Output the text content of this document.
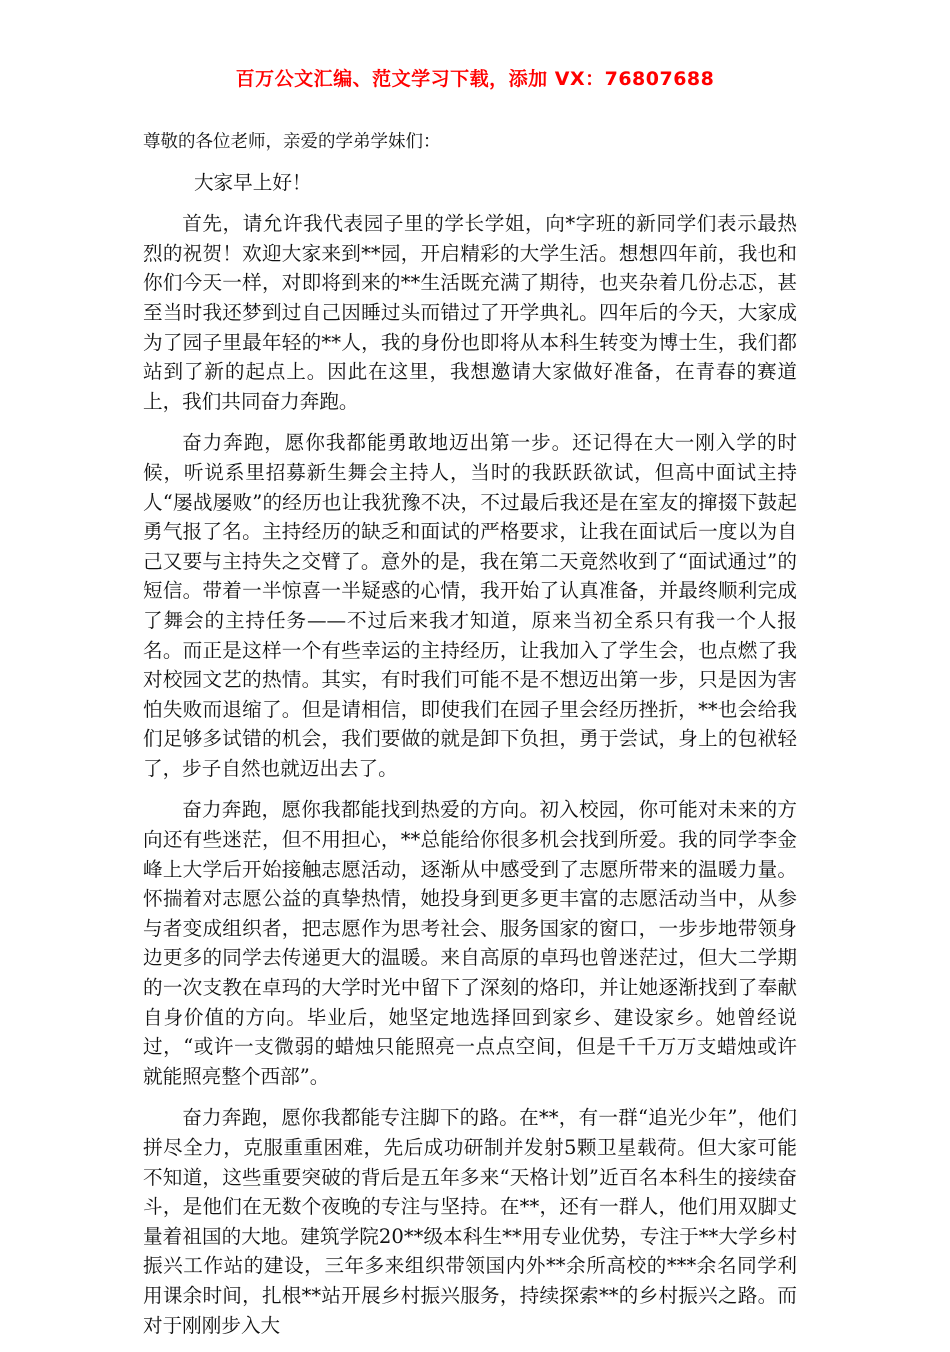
百万公文汇编、范文学习下载，添加 VX：76807688

尊敬的各位老师，亲爱的学弟学妹们：

大家早上好！

首先，请允许我代表园子里的学长学姐，向*字班的新同学们表示最热烈的祝贺！欢迎大家来到**园，开启精彩的大学生活。想想四年前，我也和你们今天一样，对即将到来的**生活既充满了期待，也夹杂着几份忐忑，甚至当时我还梦到过自己因睡过头而错过了开学典礼。四年后的今天，大家成为了园子里最年轻的**人，我的身份也即将从本科生转变为博士生，我们都站到了新的起点上。因此在这里，我想邀请大家做好准备，在青春的赛道上，我们共同奋力奔跑。

奋力奔跑，愿你我都能勇敢地迈出第一步。还记得在大一刚入学的时候，听说系里招募新生舞会主持人，当时的我跃跃欲试，但高中面试主持人“屡战屡败”的经历也让我犹豫不决，不过最后我还是在室友的撺掇下鼓起勇气报了名。主持经历的缺乏和面试的严格要求，让我在面试后一度以为自己又要与主持失之交臂了。意外的是，我在第二天竟然收到了“面试通过”的短信。带着一半惊喜一半疑惑的心情，我开始了认真准备，并最终顺利完成了舞会的主持任务——不过后来我才知道，原来当初全系只有我一个人报名。而正是这样一个有些幸运的主持经历，让我加入了学生会，也点燃了我对校园文艺的热情。其实，有时我们可能不是不想迈出第一步，只是因为害怕失败而退缩了。但是请相信，即使我们在园子里会经历挫折，**也会给我们足够多试错的机会，我们要做的就是卸下负担，勇于尝试，身上的包袱轻了，步子自然也就迈出去了。

奋力奔跑，愿你我都能找到热爱的方向。初入校园，你可能对未来的方向还有些迷茫，但不用担心，**总能给你很多机会找到所爱。我的同学李金峰上大学后开始接触志愿活动，逐渐从中感受到了志愿所带来的温暖力量。怀揣着对志愿公益的真挚热情，她投身到更多更丰富的志愿活动当中，从参与者变成组织者，把志愿作为思考社会、服务国家的窗口，一步步地带领身边更多的同学去传递更大的温暖。来自高原的卓玛也曾迷茫过，但大二学期的一次支教在卓玛的大学时光中留下了深刻的烙印，并让她逐渐找到了奉献自身价值的方向。毕业后，她坚定地选择回到家乡、建设家乡。她曾经说过，“或许一支微弱的蜡烛只能照亮一点点空间，但是千千万万支蜡烛或许就能照亮整个西部”。

奋力奔跑，愿你我都能专注脚下的路。在**，有一群“追光少年”，他们拼尽全力，克服重重困难，先后成功研制并发射5颗卫星载荷。但大家可能不知道，这些重要突破的背后是五年多来“天格计划”近百名本科生的接续奋斗，是他们在无数个夜晚的专注与坚持。在**，还有一群人，他们用双脚丈量着祖国的大地。建筑学院20**级本科生**用专业优势，专注于**大学乡村振兴工作站的建设，三年多来组织带领国内外**余所高校的***余名同学利用课余时间，扎根**站开展乡村振兴服务，持续探索**的乡村振兴之路。而对于刚刚步入大
